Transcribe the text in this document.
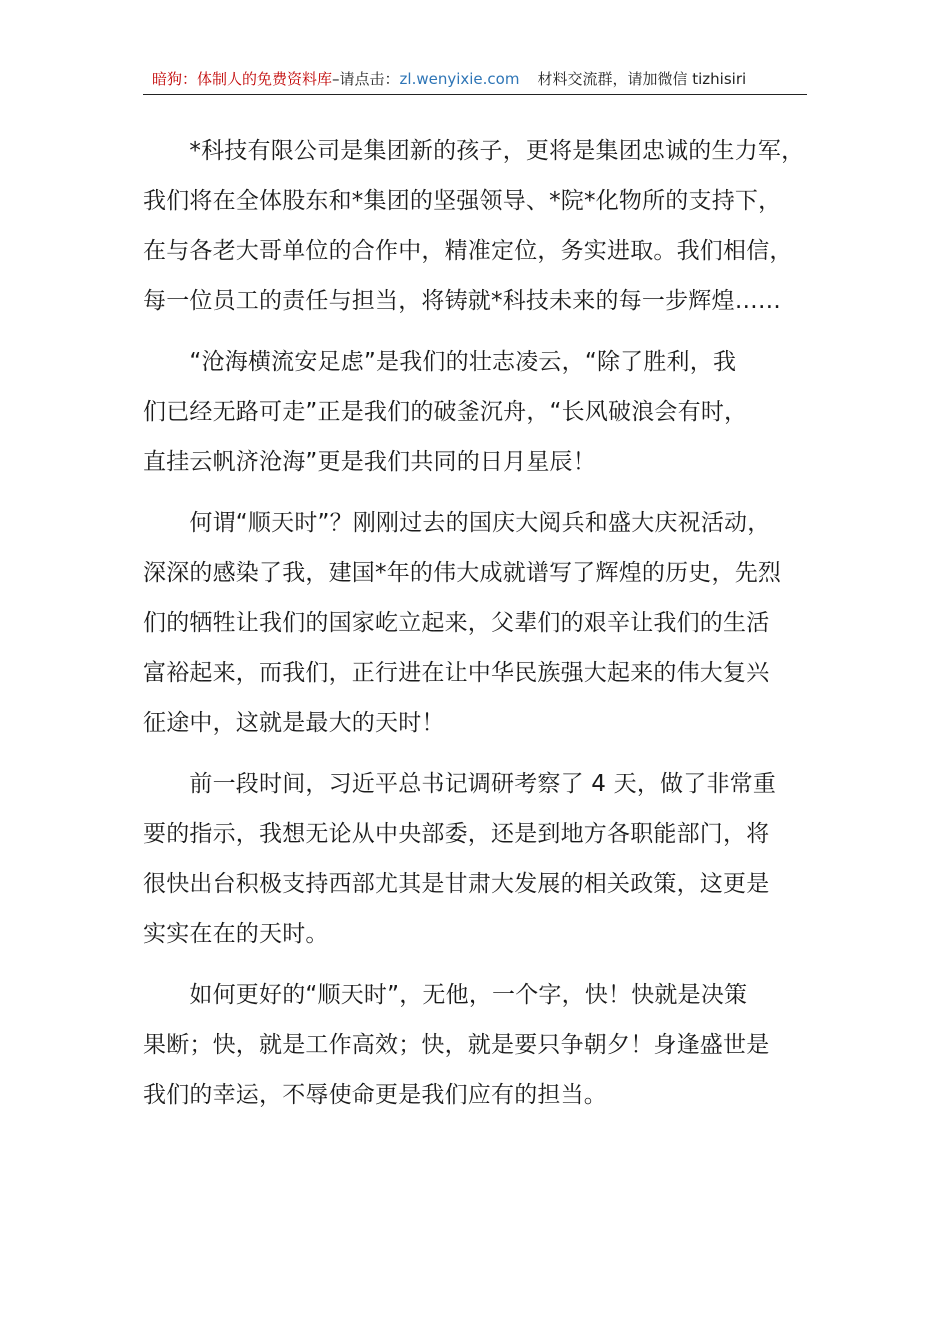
暗狗：体制人的免费资料库–请点击：zl.wenyixie.com 材料交流群，请加微信 tizhisiri
　　*科技有限公司是集团新的孩子，更将是集团忠诚的生力军，
我们将在全体股东和*集团的坚强领导、*院*化物所的支持下，
在与各老大哥单位的合作中，精准定位，务实进取。我们相信，
每一位员工的责任与担当，将铸就*科技未来的每一步辉煌……
　　“沧海横流安足虑”是我们的壮志凌云，“除了胜利，我
们已经无路可走”正是我们的破釜沉舟，“长风破浪会有时，
直挂云帆济沧海”更是我们共同的日月星辰！
　　何谓“顺天时”？刚刚过去的国庆大阅兵和盛大庆祝活动，
深深的感染了我，建国*年的伟大成就谱写了辉煌的历史，先烈
们的牺牲让我们的国家屹立起来，父辈们的艰辛让我们的生活
富裕起来，而我们，正行进在让中华民族强大起来的伟大复兴
征途中，这就是最大的天时！
　　前一段时间，习近平总书记调研考察了 4 天，做了非常重
要的指示，我想无论从中央部委，还是到地方各职能部门，将
很快出台积极支持西部尤其是甘肃大发展的相关政策，这更是
实实在在的天时。
　　如何更好的“顺天时”，无他，一个字，快！快就是决策
果断；快，就是工作高效；快，就是要只争朝夕！身逢盛世是
我们的幸运，不辱使命更是我们应有的担当。
